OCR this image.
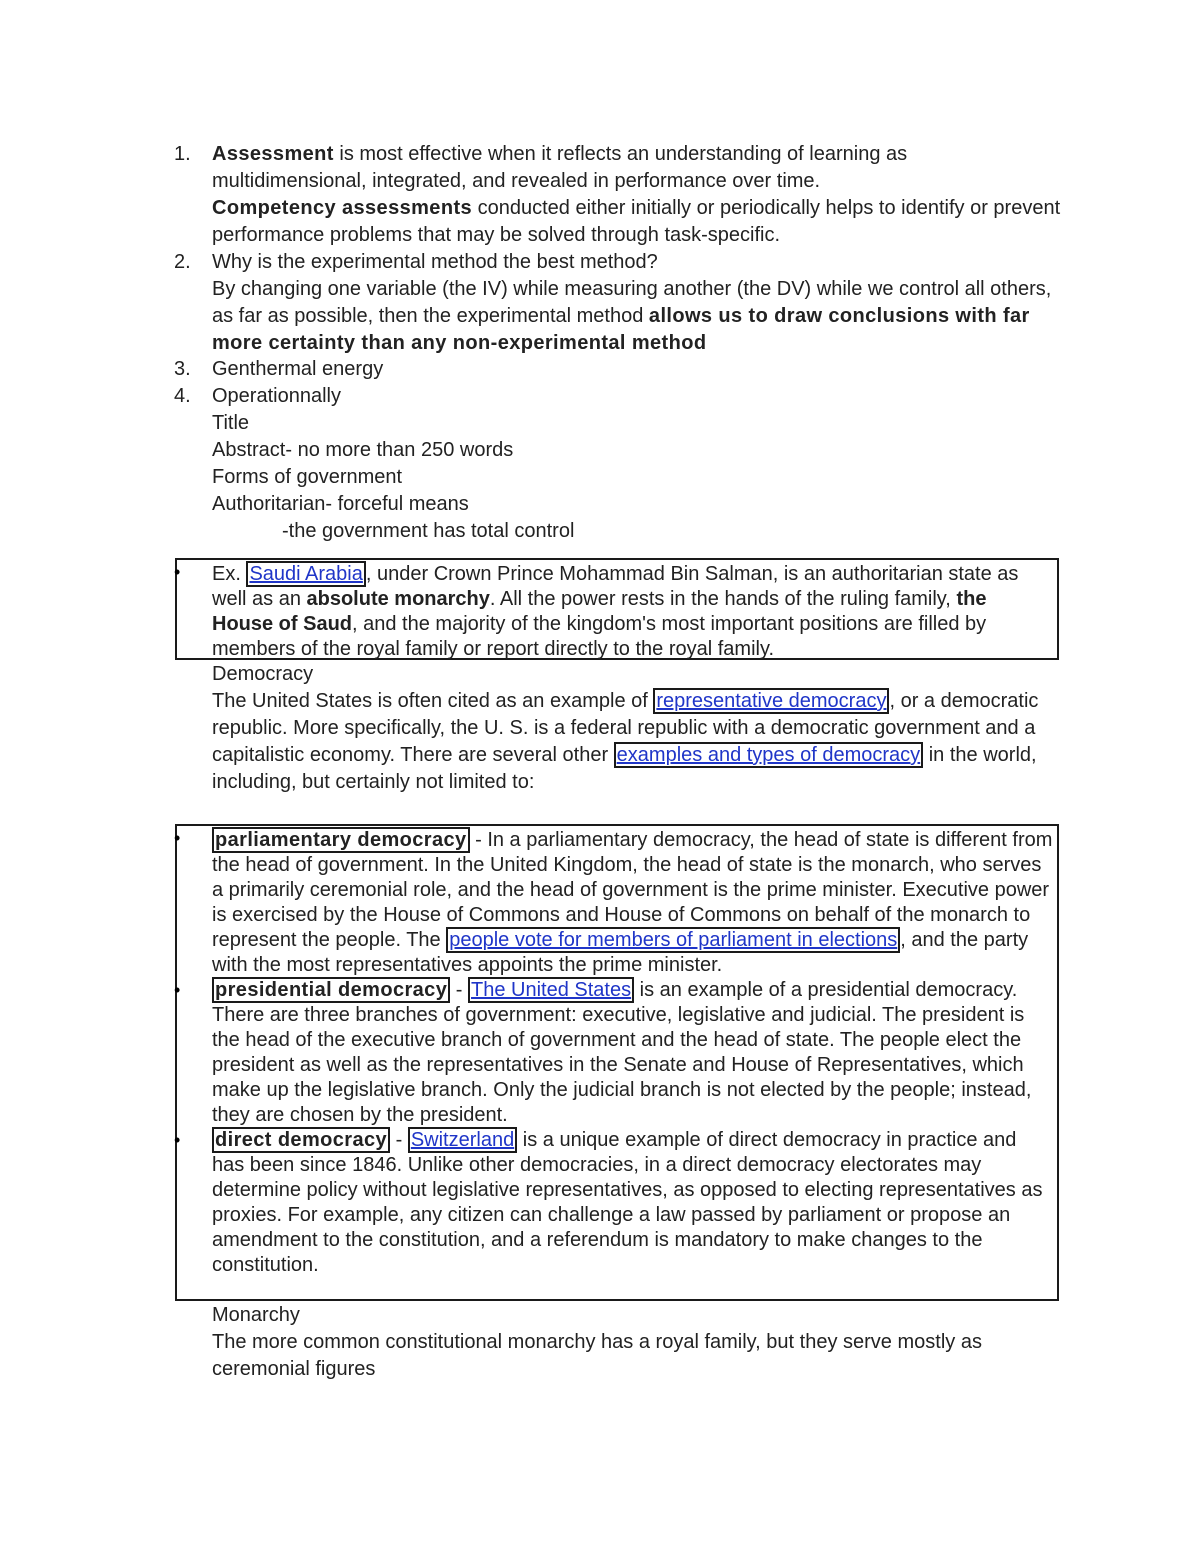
1.	Assessment is most effective when it reflects an understanding of learning as multidimensional, integrated, and revealed in performance over time.
Competency assessments conducted either initially or periodically helps to identify or prevent performance problems that may be solved through task-specific.
2.	Why is the experimental method the best method?
By changing one variable (the IV) while measuring another (the DV) while we control all others, as far as possible, then the experimental method allows us to draw conclusions with far more certainty than any non-experimental method
3.	Genthermal energy
4.	Operationnally
Title
Abstract- no more than 250 words
Forms of government
Authoritarian- forceful means
-the government has total control
• Ex. Saudi Arabia , under Crown Prince Mohammad Bin Salman, is an authoritarian state as well as an absolute monarchy. All the power rests in the hands of the ruling family, the House of Saud, and the majority of the kingdom's most important positions are filled by members of the royal family or report directly to the royal family.
Democracy
The United States is often cited as an example of representative democracy , or a democratic republic. More specifically, the U. S. is a federal republic with a democratic government and a capitalistic economy. There are several other examples and types of democracy in the world, including, but certainly not limited to:
• parliamentary democracy - In a parliamentary democracy, the head of state is different from the head of government. In the United Kingdom, the head of state is the monarch, who serves a primarily ceremonial role, and the head of government is the prime minister. Executive power is exercised by the House of Commons and House of Commons on behalf of the monarch to represent the people. The people vote for members of parliament in elections , and the party with the most representatives appoints the prime minister.
• presidential democracy - The United States is an example of a presidential democracy. There are three branches of government: executive, legislative and judicial. The president is the head of the executive branch of government and the head of state. The people elect the president as well as the representatives in the Senate and House of Representatives, which make up the legislative branch. Only the judicial branch is not elected by the people; instead, they are chosen by the president.
• direct democracy - Switzerland is a unique example of direct democracy in practice and has been since 1846. Unlike other democracies, in a direct democracy electorates may determine policy without legislative representatives, as opposed to electing representatives as proxies. For example, any citizen can challenge a law passed by parliament or propose an amendment to the constitution, and a referendum is mandatory to make changes to the constitution.
Monarchy
The more common constitutional monarchy has a royal family, but they serve mostly as ceremonial figures
